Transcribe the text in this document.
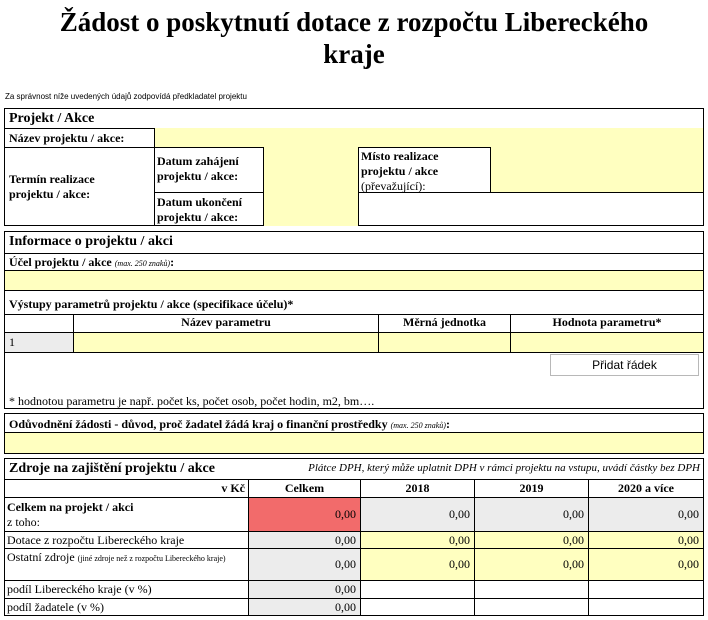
Žádost o poskytnutí dotace z rozpočtu Libereckého
kraje
Za správnost níže uvedených údajů zodpovídá předkladatel projektu
Projekt / Akce
Název projektu / akce:
Termín realizace projektu / akce:
Datum zahájení projektu / akce:
Datum ukončení projektu / akce:
Místo realizace projektu / akce
(převažující):
Informace o projektu / akci
Účel projektu / akce (max. 250 znaků):
Výstupy parametrů projektu / akce (specifikace účelu)*
Název parametru	Měrná jednotka	Hodnota parametru*
1
Přidat řádek
* hodnotou parametru je např. počet ks, počet osob, počet hodin, m2, bm….
Odůvodnění žádosti - důvod, proč žadatel žádá kraj o finanční prostředky (max. 250 znaků):
Zdroje na zajištění projektu / akce	Plátce DPH, který může uplatnit DPH v rámci projektu na vstupu, uvádí částky bez DPH
v Kč	Celkem	2018	2019	2020 a více
Celkem na projekt / akci
z toho:
0,00	0,00	0,00	0,00
Dotace z rozpočtu Libereckého kraje	0,00	0,00	0,00	0,00
Ostatní zdroje (jiné zdroje než z rozpočtu Libereckého kraje)	0,00	0,00	0,00	0,00
podíl Libereckého kraje (v %)	0,00
podíl žadatele (v %)	0,00
